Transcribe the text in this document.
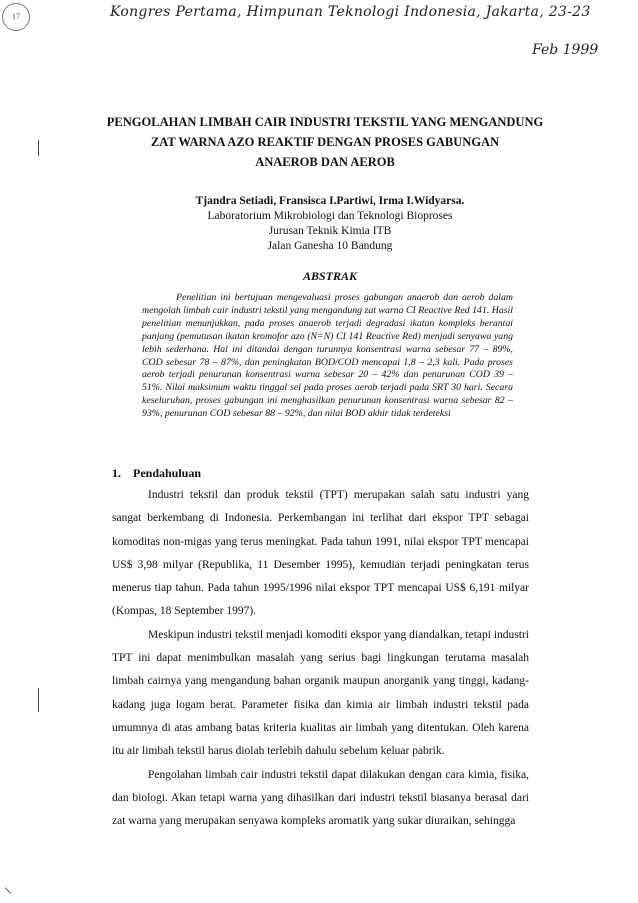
17	Kongres Pertama, Himpunan Teknologi Indonesia, Jakarta, 23-23
Feb 1999
PENGOLAHAN LIMBAH CAIR INDUSTRI TEKSTIL YANG MENGANDUNG
ZAT WARNA AZO REAKTIF DENGAN PROSES GABUNGAN
ANAEROB DAN AEROB
Tjandra Setiadi, Fransisca I.Partiwi, Irma I.Widyarsa.
Laboratorium Mikrobiologi dan Teknologi Bioproses
Jurusan Teknik Kimia ITB
Jalan Ganesha 10 Bandung
ABSTRAK
Penelitian ini bertujuan mengevaluasi proses gabungan anaerob dan aerob dalam mengolah limbah cair industri tekstil yang mengandung zat warna CI Reactive Red 141. Hasil penelitian menunjukkan, pada proses anaerob terjadi degradasi ikatan kompleks berantai panjang (pemutusan ikatan kromofor azo (N=N) CI 141 Reactive Red) menjadi senyawa yang lebih sederhana. Hal ini ditandai dengan turunnya konsentrasi warna sebesar 77 – 89%, COD sebesar 78 – 87%, dan peningkatan BOD/COD mencapai 1,8 – 2,3 kali. Pada proses aerob terjadi penurunan konsentrasi warna sebesar 20 – 42% dan penurunan COD 39 – 51%. Nilai maksimum waktu tinggal sel pada proses aerob terjadi pada SRT 30 hari. Secara keseluruhan, proses gabungan ini menghasilkan penurunan konsentrasi warna sebesar 82 – 93%, penurunan COD sebesar 88 – 92%, dan nilai BOD akhir tidak terdeteksi
1.    Pendahuluan

Industri tekstil dan produk tekstil (TPT) merupakan salah satu industri yang sangat berkembang di Indonesia. Perkembangan ini terlihat dari ekspor TPT sebagai komoditas non-migas yang terus meningkat. Pada tahun 1991, nilai ekspor TPT mencapai US$ 3,98 milyar (Republika, 11 Desember 1995), kemudian terjadi peningkatan terus menerus tiap tahun. Pada tahun 1995/1996 nilai ekspor TPT mencapai US$ 6,191 milyar (Kompas, 18 September 1997).

Meskipun industri tekstil menjadi komoditi ekspor yang diandalkan, tetapi industri TPT ini dapat menimbulkan masalah yang serius bagi lingkungan terutama masalah limbah cairnya yang mengandung bahan organik maupun anorganik yang tinggi, kadang-kadang juga logam berat. Parameter fisika dan kimia air limbah industri tekstil pada umumnya di atas ambang batas kriteria kualitas air limbah yang ditentukan. Oleh karena itu air limbah tekstil harus diolah terlebih dahulu sebelum keluar pabrik.

Pengolahan limbah cair industri tekstil dapat dilakukan dengan cara kimia, fisika, dan biologi. Akan tetapi warna yang dihasilkan dari industri tekstil biasanya berasal dari zat warna yang merupakan senyawa kompleks aromatik yang sukar diuraikan, sehingga
